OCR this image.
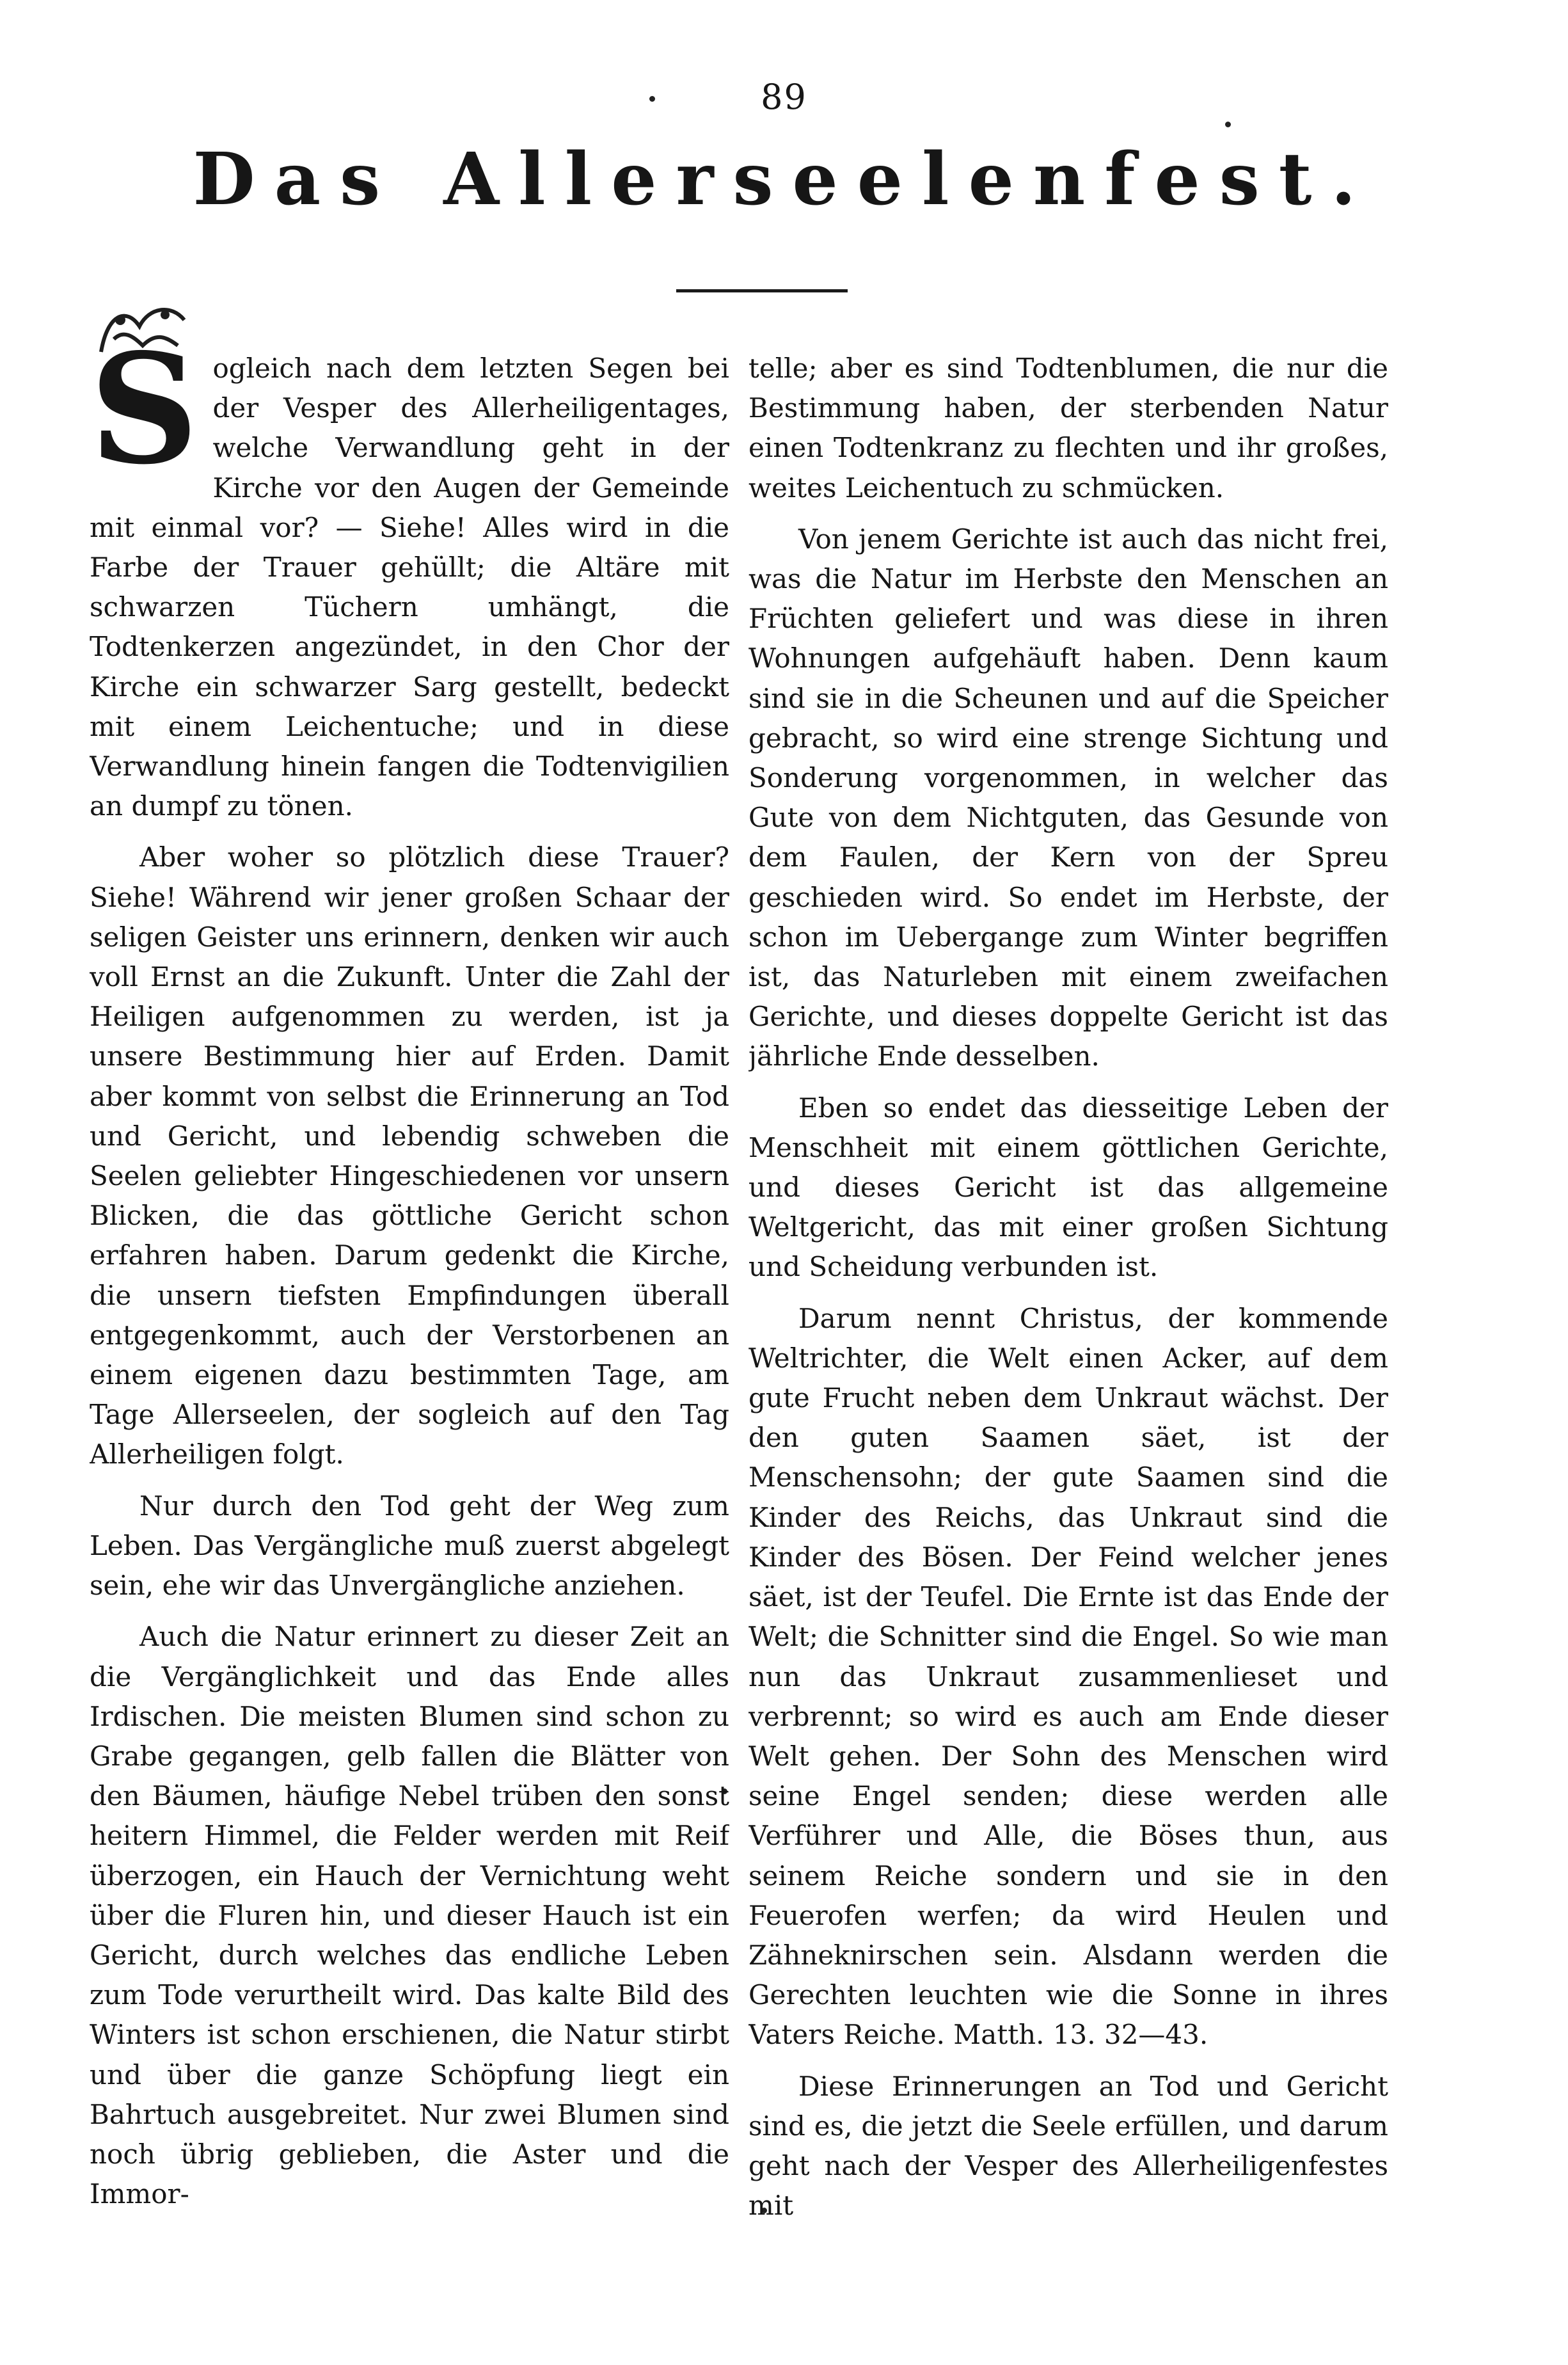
89
Das Allerseelenfest.

Sogleich nach dem letzten Segen bei der Vesper des Allerheiligentages, welche Verwandlung geht in der Kirche vor den Augen der Gemeinde mit einmal vor? — Siehe! Alles wird in die Farbe der Trauer gehüllt; die Altäre mit schwarzen Tüchern umhängt, die Todtenkerzen angezündet, in den Chor der Kirche ein schwarzer Sarg gestellt, bedeckt mit einem Leichentuche; und in diese Verwandlung hinein fangen die Todtenvigilien an dumpf zu tönen.

Aber woher so plötzlich diese Trauer? Siehe! Während wir jener großen Schaar der seligen Geister uns erinnern, denken wir auch voll Ernst an die Zukunft. Unter die Zahl der Heiligen aufgenommen zu werden, ist ja unsere Bestimmung hier auf Erden. Damit aber kommt von selbst die Erinnerung an Tod und Gericht, und lebendig schweben die Seelen geliebter Hingeschiedenen vor unsern Blicken, die das göttliche Gericht schon erfahren haben. Darum gedenkt die Kirche, die unsern tiefsten Empfindungen überall entgegenkommt, auch der Verstorbenen an einem eigenen dazu bestimmten Tage, am Tage Allerseelen, der sogleich auf den Tag Allerheiligen folgt.

Nur durch den Tod geht der Weg zum Leben. Das Vergängliche muß zuerst abgelegt sein, ehe wir das Unvergängliche anziehen.

Auch die Natur erinnert zu dieser Zeit an die Vergänglichkeit und das Ende alles Irdischen. Die meisten Blumen sind schon zu Grabe gegangen, gelb fallen die Blätter von den Bäumen, häufige Nebel trüben den sonst heitern Himmel, die Felder werden mit Reif überzogen, ein Hauch der Vernichtung weht über die Fluren hin, und dieser Hauch ist ein Gericht, durch welches das endliche Leben zum Tode verurtheilt wird. Das kalte Bild des Winters ist schon erschienen, die Natur stirbt und über die ganze Schöpfung liegt ein Bahrtuch ausgebreitet. Nur zwei Blumen sind noch übrig geblieben, die Aster und die Immor-

telle; aber es sind Todtenblumen, die nur die Bestimmung haben, der sterbenden Natur einen Todtenkranz zu flechten und ihr großes, weites Leichentuch zu schmücken.

Von jenem Gerichte ist auch das nicht frei, was die Natur im Herbste den Menschen an Früchten geliefert und was diese in ihren Wohnungen aufgehäuft haben. Denn kaum sind sie in die Scheunen und auf die Speicher gebracht, so wird eine strenge Sichtung und Sonderung vorgenommen, in welcher das Gute von dem Nichtguten, das Gesunde von dem Faulen, der Kern von der Spreu geschieden wird. So endet im Herbste, der schon im Uebergange zum Winter begriffen ist, das Naturleben mit einem zweifachen Gerichte, und dieses doppelte Gericht ist das jährliche Ende desselben.

Eben so endet das diesseitige Leben der Menschheit mit einem göttlichen Gerichte, und dieses Gericht ist das allgemeine Weltgericht, das mit einer großen Sichtung und Scheidung verbunden ist.

Darum nennt Christus, der kommende Weltrichter, die Welt einen Acker, auf dem gute Frucht neben dem Unkraut wächst. Der den guten Saamen säet, ist der Menschensohn; der gute Saamen sind die Kinder des Reichs, das Unkraut sind die Kinder des Bösen. Der Feind welcher jenes säet, ist der Teufel. Die Ernte ist das Ende der Welt; die Schnitter sind die Engel. So wie man nun das Unkraut zusammenlieset und verbrennt; so wird es auch am Ende dieser Welt gehen. Der Sohn des Menschen wird seine Engel senden; diese werden alle Verführer und Alle, die Böses thun, aus seinem Reiche sondern und sie in den Feuerofen werfen; da wird Heulen und Zähneknirschen sein. Alsdann werden die Gerechten leuchten wie die Sonne in ihres Vaters Reiche. Matth. 13. 32—43.

Diese Erinnerungen an Tod und Gericht sind es, die jetzt die Seele erfüllen, und darum geht nach der Vesper des Allerheiligenfestes mit
